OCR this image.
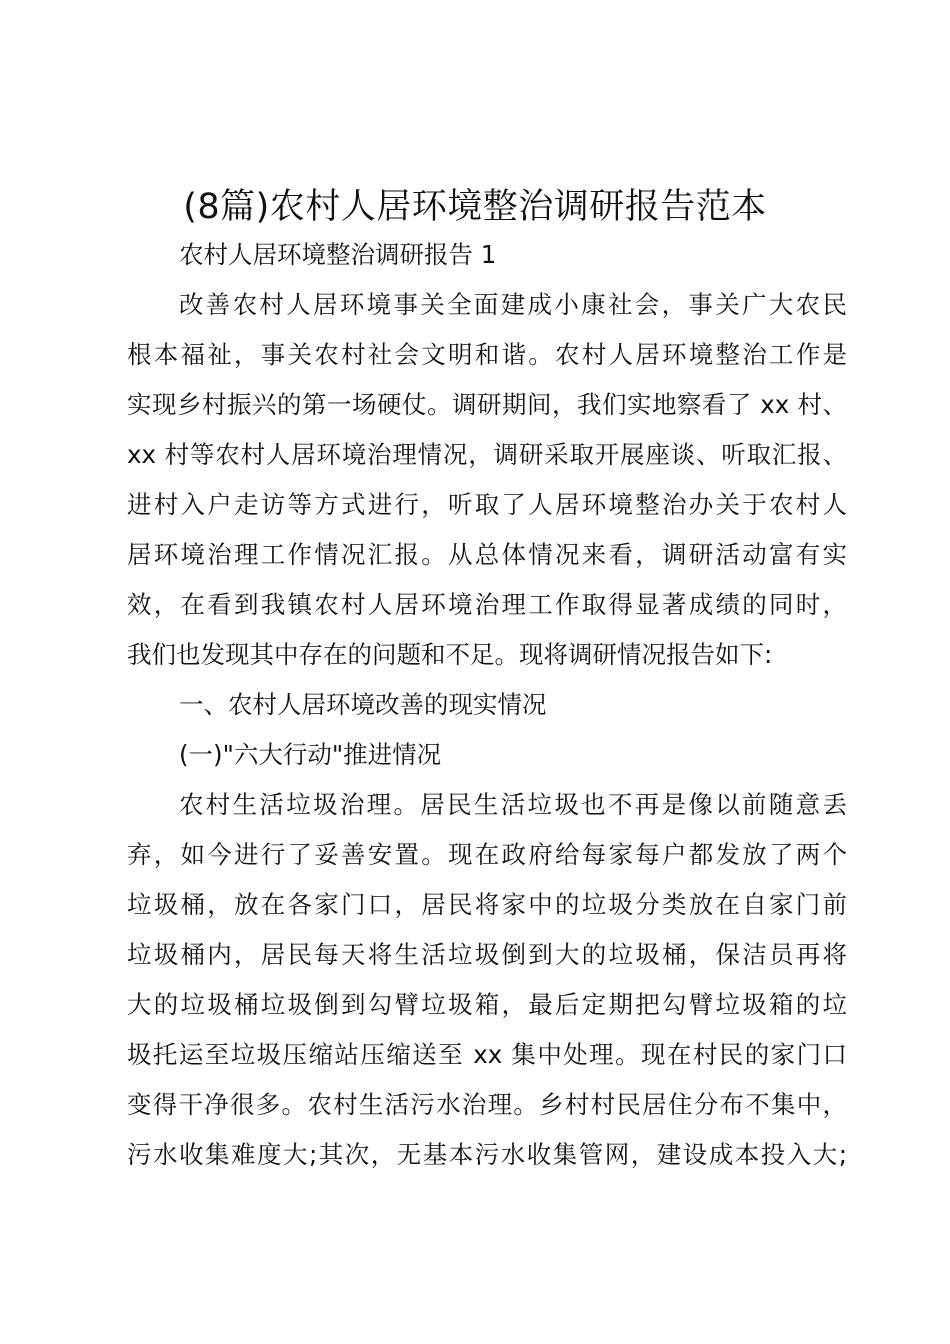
(8篇)农村人居环境整治调研报告范本
农村人居环境整治调研报告 1
改善农村人居环境事关全面建成小康社会，事关广大农民
根本福祉，事关农村社会文明和谐。农村人居环境整治工作是
实现乡村振兴的第一场硬仗。调研期间，我们实地察看了 xx 村、
xx 村等农村人居环境治理情况，调研采取开展座谈、听取汇报、
进村入户走访等方式进行，听取了人居环境整治办关于农村人
居环境治理工作情况汇报。从总体情况来看，调研活动富有实
效，在看到我镇农村人居环境治理工作取得显著成绩的同时，
我们也发现其中存在的问题和不足。现将调研情况报告如下:
一、农村人居环境改善的现实情况
(一)"六大行动"推进情况
农村生活垃圾治理。居民生活垃圾也不再是像以前随意丢
弃，如今进行了妥善安置。现在政府给每家每户都发放了两个
垃圾桶，放在各家门口，居民将家中的垃圾分类放在自家门前
垃圾桶内，居民每天将生活垃圾倒到大的垃圾桶，保洁员再将
大的垃圾桶垃圾倒到勾臂垃圾箱，最后定期把勾臂垃圾箱的垃
圾托运至垃圾压缩站压缩送至 xx 集中处理。现在村民的家门口
变得干净很多。农村生活污水治理。乡村村民居住分布不集中，
污水收集难度大;其次，无基本污水收集管网，建设成本投入大;
